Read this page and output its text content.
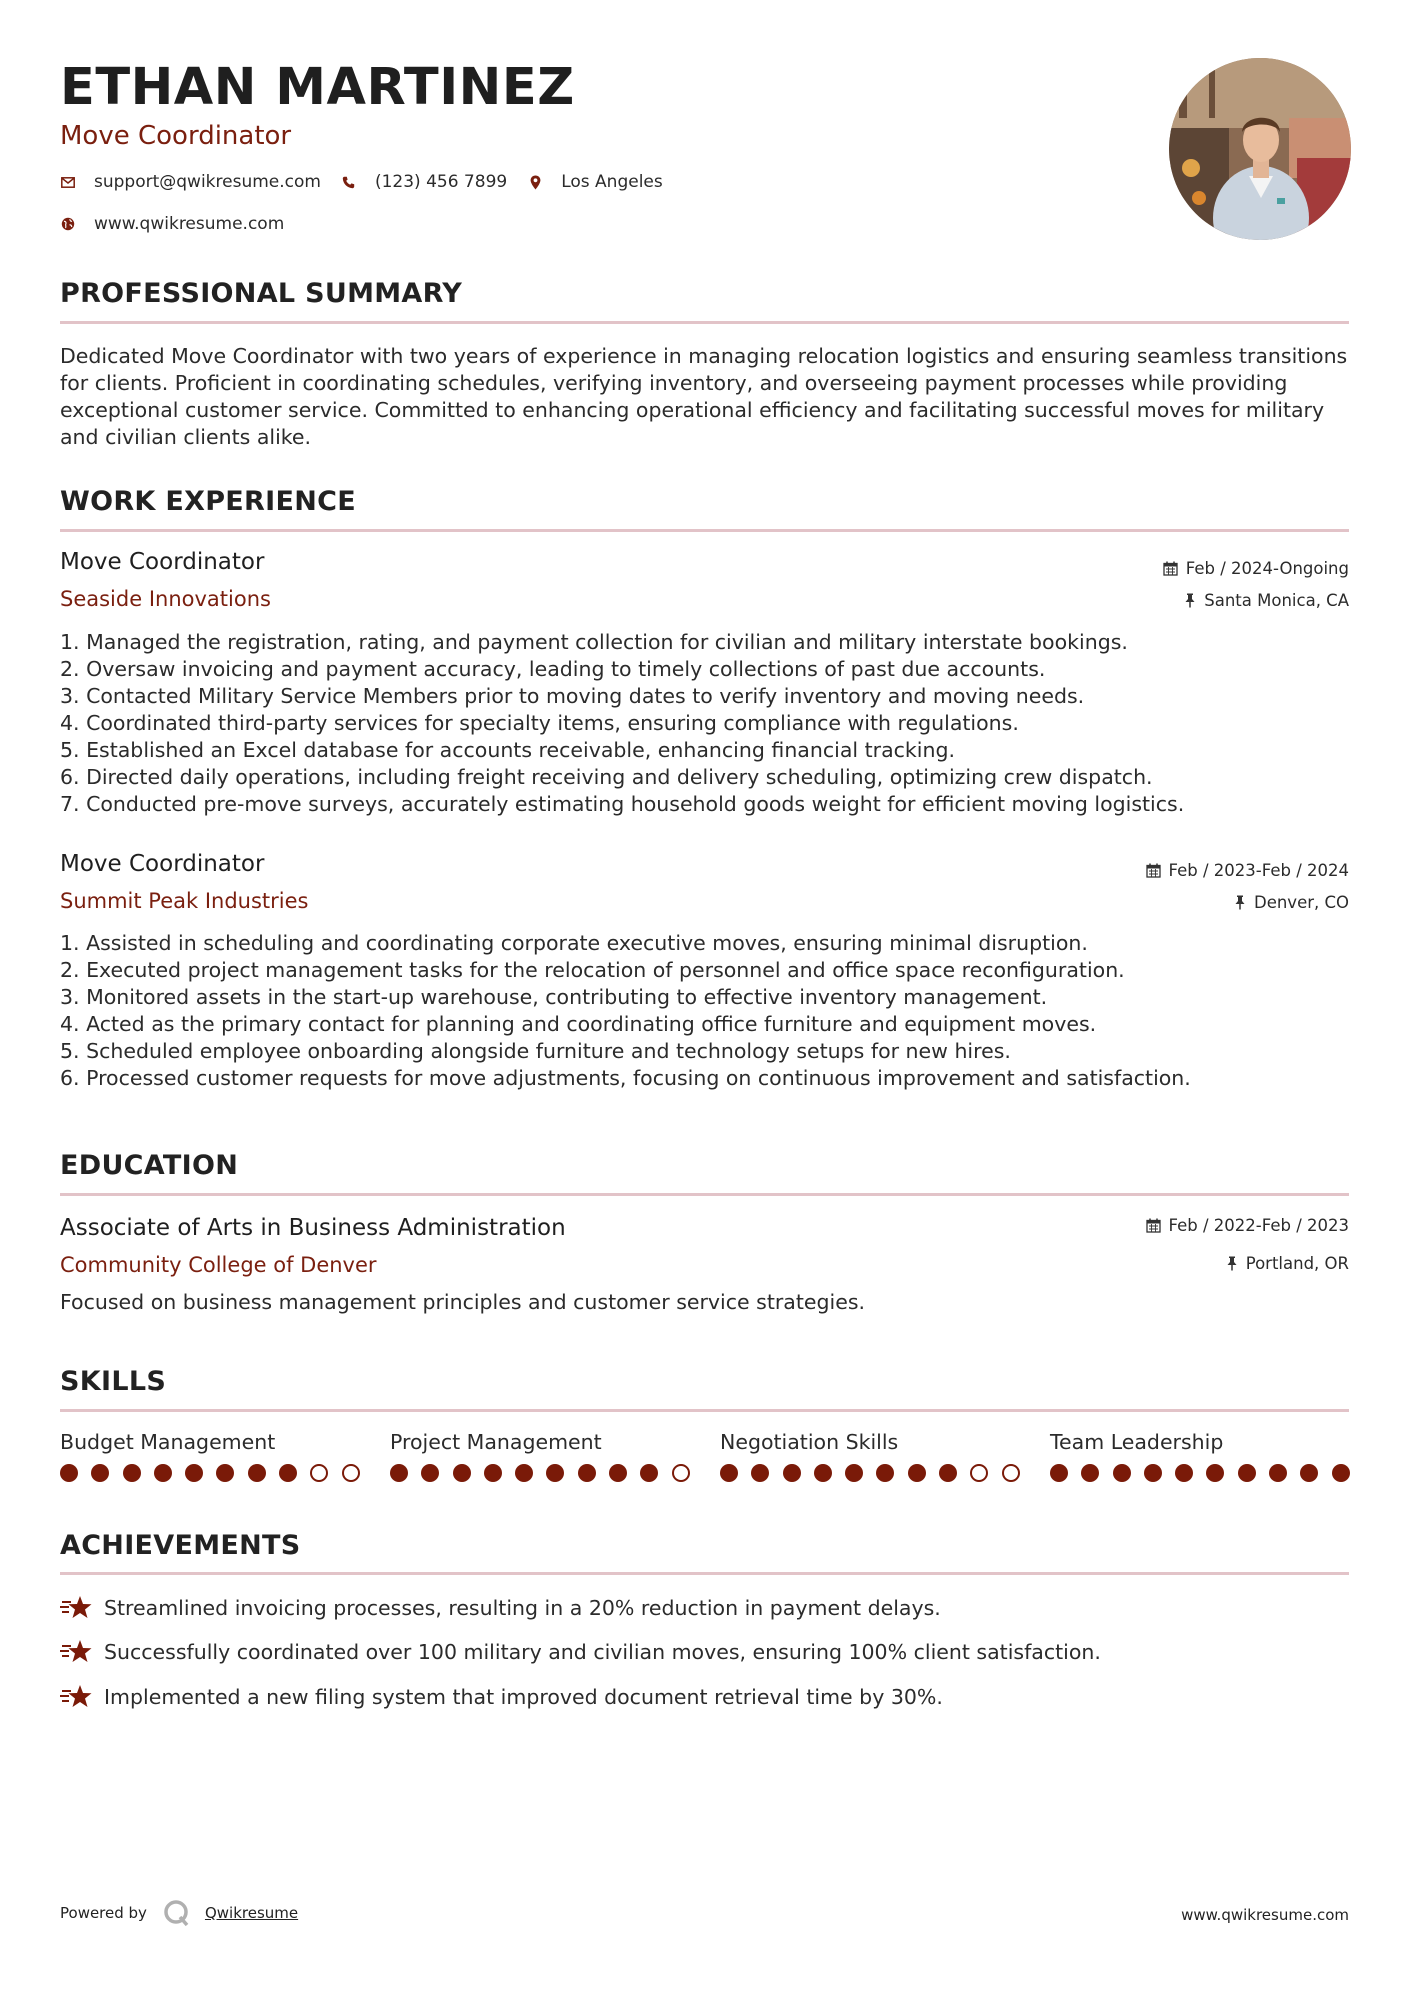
ETHAN MARTINEZ
Move Coordinator
support@qwikresume.com	(123) 456 7899	Los Angeles
www.qwikresume.com
PROFESSIONAL SUMMARY
Dedicated Move Coordinator with two years of experience in managing relocation logistics and ensuring seamless transitions for clients. Proficient in coordinating schedules, verifying inventory, and overseeing payment processes while providing exceptional customer service. Committed to enhancing operational efficiency and facilitating successful moves for military and civilian clients alike.
WORK EXPERIENCE
Move Coordinator	Feb / 2024-Ongoing
Seaside Innovations	Santa Monica, CA
1. Managed the registration, rating, and payment collection for civilian and military interstate bookings.
2. Oversaw invoicing and payment accuracy, leading to timely collections of past due accounts.
3. Contacted Military Service Members prior to moving dates to verify inventory and moving needs.
4. Coordinated third-party services for specialty items, ensuring compliance with regulations.
5. Established an Excel database for accounts receivable, enhancing financial tracking.
6. Directed daily operations, including freight receiving and delivery scheduling, optimizing crew dispatch.
7. Conducted pre-move surveys, accurately estimating household goods weight for efficient moving logistics.
Move Coordinator	Feb / 2023-Feb / 2024
Summit Peak Industries	Denver, CO
1. Assisted in scheduling and coordinating corporate executive moves, ensuring minimal disruption.
2. Executed project management tasks for the relocation of personnel and office space reconfiguration.
3. Monitored assets in the start-up warehouse, contributing to effective inventory management.
4. Acted as the primary contact for planning and coordinating office furniture and equipment moves.
5. Scheduled employee onboarding alongside furniture and technology setups for new hires.
6. Processed customer requests for move adjustments, focusing on continuous improvement and satisfaction.
EDUCATION
Associate of Arts in Business Administration	Feb / 2022-Feb / 2023
Community College of Denver	Portland, OR
Focused on business management principles and customer service strategies.
SKILLS
Budget Management	Project Management	Negotiation Skills	Team Leadership
ACHIEVEMENTS
Streamlined invoicing processes, resulting in a 20% reduction in payment delays.
Successfully coordinated over 100 military and civilian moves, ensuring 100% client satisfaction.
Implemented a new filing system that improved document retrieval time by 30%.
Powered by	Qwikresume	www.qwikresume.com
